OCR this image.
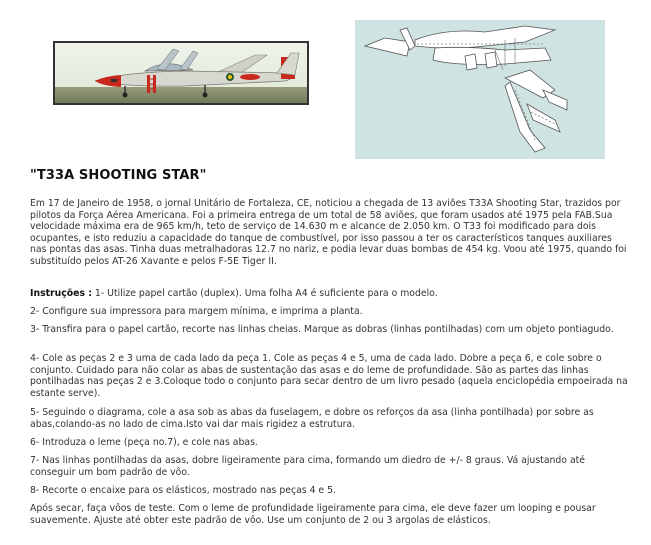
"T33A SHOOTING STAR"

Em 17 de Janeiro de 1958, o jornal Unitário de Fortaleza, CE, noticiou a chegada de 13 aviões T33A Shooting Star, trazidos por pilotos da Força Aérea Americana. Foi a primeira entrega de um total de 58 aviões, que foram usados até 1975 pela FAB.Sua velocidade máxima era de 965 km/h, teto de serviço de 14.630 m e alcance de 2.050 km. O T33 foi modificado para dois ocupantes, e isto reduziu a capacidade do tanque de combustível, por isso passou a ter os característicos tanques auxiliares nas pontas das asas. Tinha duas metralhadoras 12.7 no nariz, e podia levar duas bombas de 454 kg. Voou até 1975, quando foi substituído pelos AT-26 Xavante e pelos F-5E Tiger II.

Instruções : 1- Utilize papel cartão (duplex). Uma folha A4 é suficiente para o modelo.

2- Configure sua impressora para margem mínima, e imprima a planta.

3- Transfira para o papel cartão, recorte nas linhas cheias. Marque as dobras (linhas pontilhadas) com um objeto pontiagudo.

4- Cole as peças 2 e 3 uma de cada lado da peça 1. Cole as peças 4 e 5, uma de cada lado. Dobre a peça 6, e cole sobre o conjunto. Cuidado para não colar as abas de sustentação das asas e do leme de profundidade. São as partes das linhas pontilhadas nas peças 2 e 3.Coloque todo o conjunto para secar dentro de um livro pesado (aquela enciclopédia empoeirada na estante serve).

5- Seguindo o diagrama, cole a asa sob as abas da fuselagem, e dobre os reforços da asa (linha pontilhada) por sobre as abas,colando-as no lado de cima.Isto vai dar mais rigidez a estrutura.

6- Introduza o leme (peça no.7), e cole nas abas.

7- Nas linhas pontilhadas da asas, dobre ligeiramente para cima, formando um diedro de +/- 8 graus. Vá ajustando até conseguir um bom padrão de vôo.

8- Recorte o encaixe para os elásticos, mostrado nas peças 4 e 5.

Após secar, faça vôos de teste. Com o leme de profundidade ligeiramente para cima, ele deve fazer um looping e pousar suavemente. Ajuste até obter este padrão de vôo. Use um conjunto de 2 ou 3 argolas de elásticos.
